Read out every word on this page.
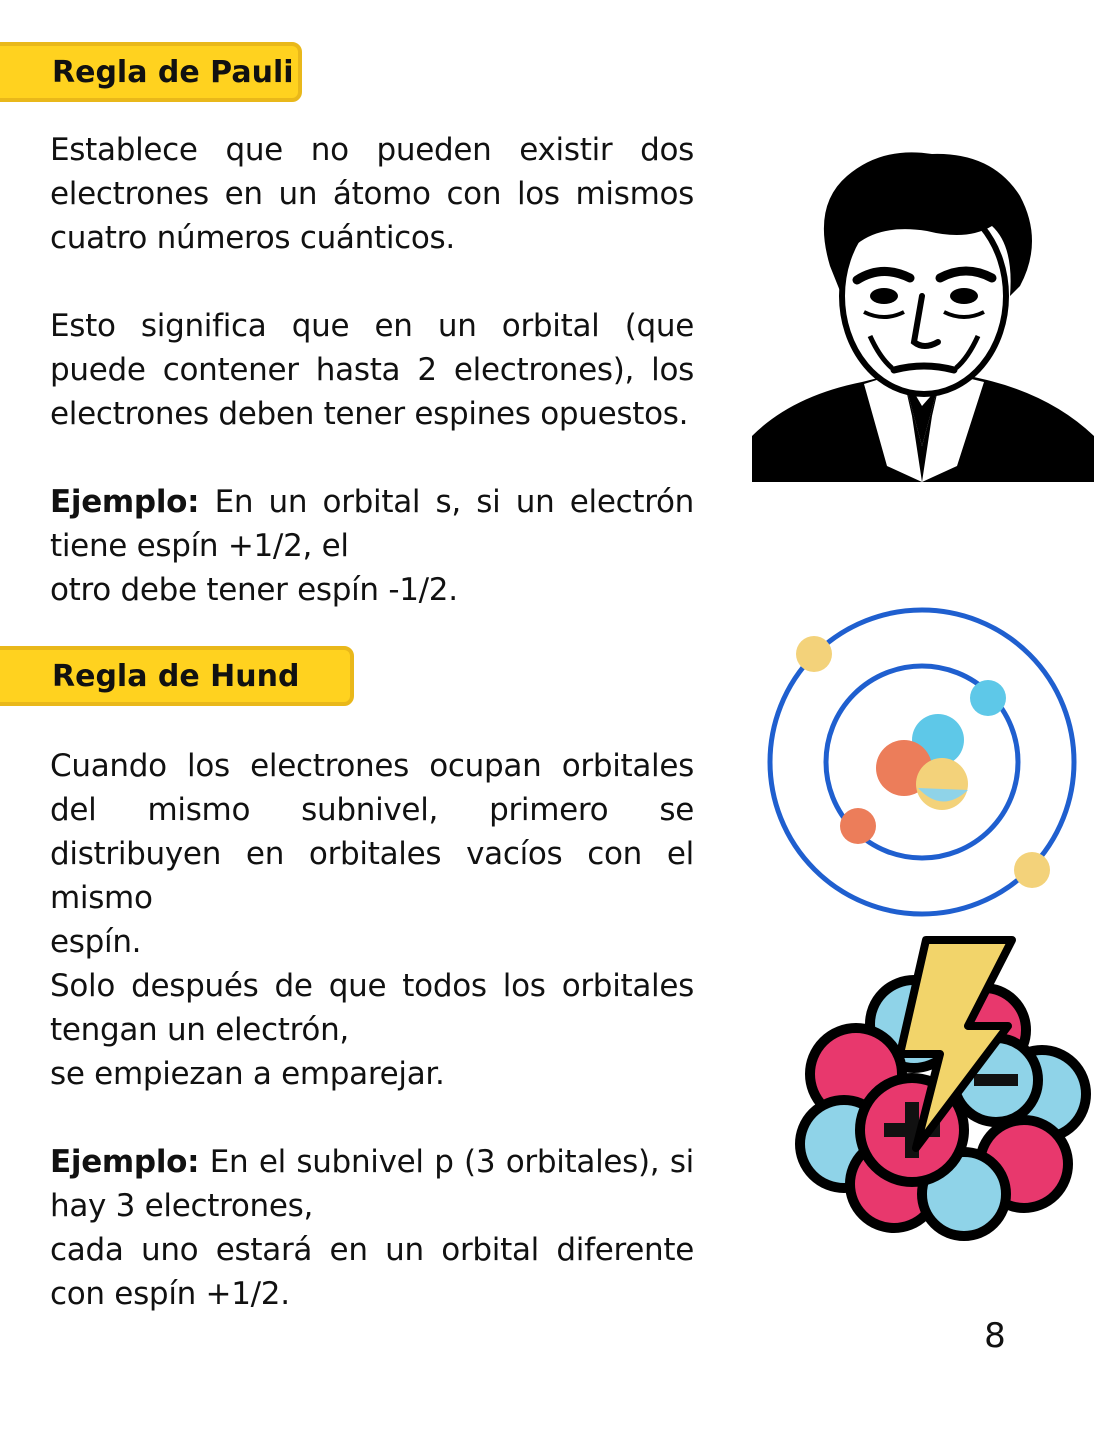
Regla de Pauli

Establece que no pueden existir dos electrones en un átomo con los mismos cuatro números cuánticos.

Esto significa que en un orbital (que puede contener hasta 2 electrones), los electrones deben tener espines opuestos.

Ejemplo: En un orbital s, si un electrón tiene espín +1/2, el
otro debe tener espín -1/2.
Regla de Hund
Cuando los electrones ocupan orbitales del mismo subnivel, primero se distribuyen en orbitales vacíos con el mismo
espín.
Solo después de que todos los orbitales tengan un electrón,
se empiezan a emparejar.
Ejemplo: En el subnivel p (3 orbitales), si hay 3 electrones,
cada uno estará en un orbital diferente con espín +1/2.
8
